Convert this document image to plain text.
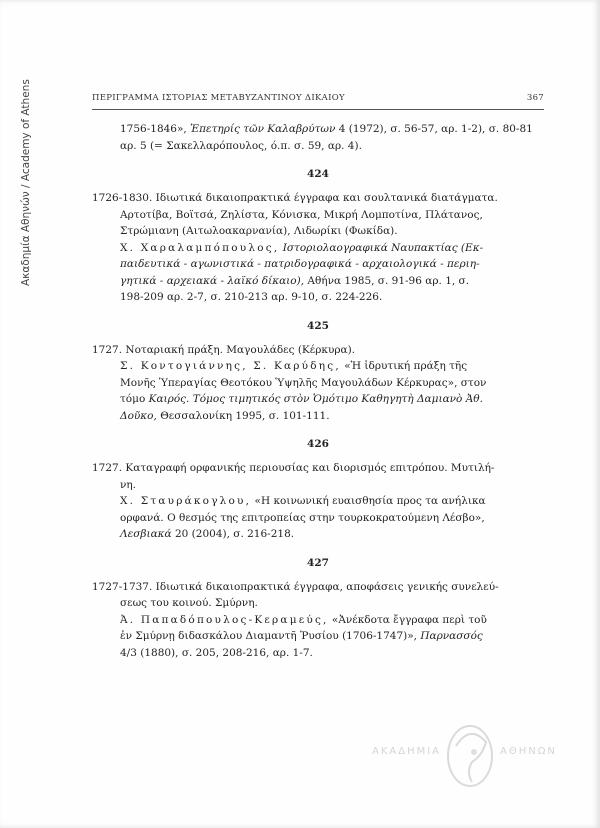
Ακαδημία Αθηνών / Academy of Athens	ΠΕΡΙΓΡΑΜΜΑ ΙΣΤΟΡΙΑΣ ΜΕΤΑΒΥΖΑΝΤΙΝΟΥ ΔΙΚΑΙΟΥ	367

1756-1846», Ἐπετηρίς τῶν Καλαβρύτων 4 (1972), σ. 56-57, αρ. 1-2), σ. 80-81

αρ. 5 (= Σακελλαρόπουλος, ό.π. σ. 59, αρ. 4).

424

1726-1830. Ιδιωτικά δικαιοπρακτικά έγγραφα και σουλτανικά διατάγματα.

Αρτοτίβα, Βοϊτσά, Ζηλίστα, Κόνισκα, Μικρή Λομποτίνα, Πλάτανος,

Στρώμιανη (Αιτωλοακαρνανία), Λιδωρίκι (Φωκίδα).

Χ. Χαραλαμπόπουλος, Ιστοριολαογραφικά Ναυπακτίας (Εκ-

παιδευτικά - αγωνιστικά - πατριδογραφικά - αρχαιολογικά - περιη-

γητικά - αρχειακά - λαϊκό δίκαιο), Αθήνα 1985, σ. 91-96 αρ. 1, σ.

198-209 αρ. 2-7, σ. 210-213 αρ. 9-10, σ. 224-226.

425

1727. Νοταριακή πράξη. Μαγουλάδες (Κέρκυρα).

Σ. Κοντογιάννης, Σ. Καρύδης, «Ἡ ἱδρυτική πράξη τῆς

Μονῆς Ὑπεραγίας Θεοτόκου Ὑψηλῆς Μαγουλάδων Κέρκυρας», στον

τόμο Καιρός. Τόμος τιμητικός στὸν Ὁμότιμο Καθηγητὴ Δαμιανὸ Ἀθ.

Δοῦκο, Θεσσαλονίκη 1995, σ. 101-111.

426

1727. Καταγραφή ορφανικής περιουσίας και διορισμός επιτρόπου. Μυτιλή-

νη.

Χ. Σταυράκογλου, «Η κοινωνική ευαισθησία προς τα ανήλικα

ορφανά. Ο θεσμός της επιτροπείας στην τουρκοκρατούμενη Λέσβο»,

Λεσβιακά 20 (2004), σ. 216-218.

427

1727-1737. Ιδιωτικά δικαιοπρακτικά έγγραφα, αποφάσεις γενικής συνελεύ-

σεως του κοινού. Σμύρνη.

Ἀ. Παπαδόπουλος-Κεραμεύς, «Ἀνέκδοτα ἔγγραφα περὶ τοῦ

ἐν Σμύρνῃ διδασκάλου Διαμαντῆ Ῥυσίου (1706-1747)», Παρνασσός

4/3 (1880), σ. 205, 208-216, αρ. 1-7.

ΑΚΑΔΗΜΙΑ	ΑΘΗΝΩΝ
